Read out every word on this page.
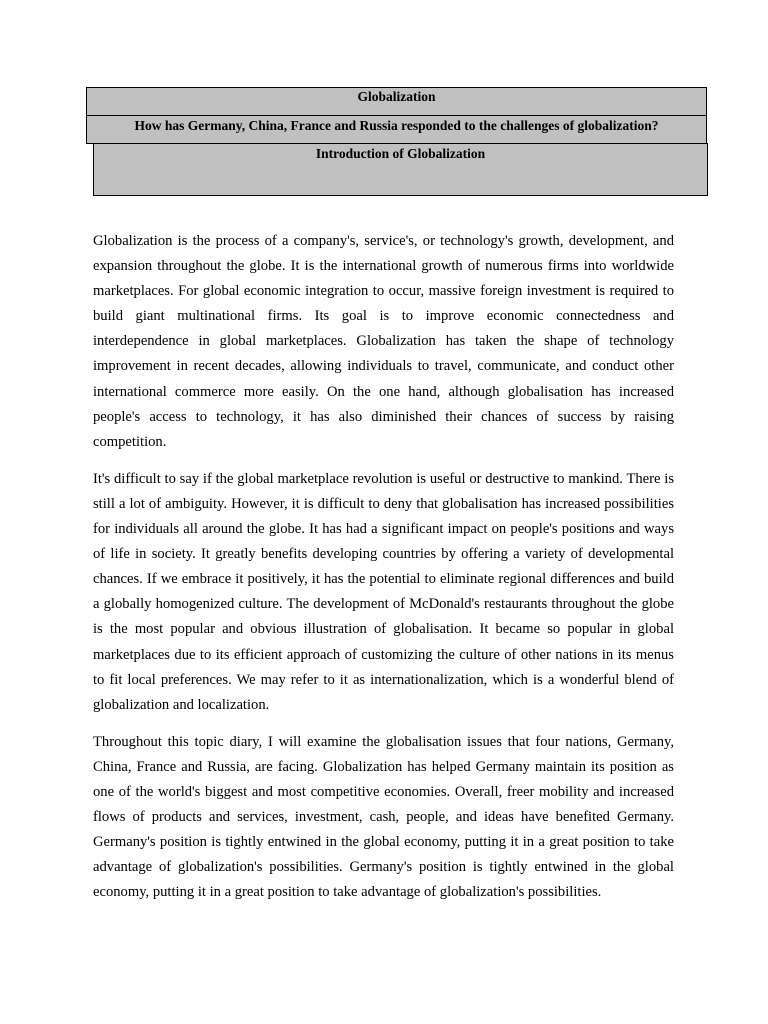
Globalization
How has Germany, China, France and Russia responded to the challenges of globalization?
Introduction of Globalization

Globalization is the process of a company's, service's, or technology's growth, development, and expansion throughout the globe. It is the international growth of numerous firms into worldwide marketplaces. For global economic integration to occur, massive foreign investment is required to build giant multinational firms. Its goal is to improve economic connectedness and interdependence in global marketplaces. Globalization has taken the shape of technology improvement in recent decades, allowing individuals to travel, communicate, and conduct other international commerce more easily. On the one hand, although globalisation has increased people's access to technology, it has also diminished their chances of success by raising competition.

It's difficult to say if the global marketplace revolution is useful or destructive to mankind. There is still a lot of ambiguity. However, it is difficult to deny that globalisation has increased possibilities for individuals all around the globe. It has had a significant impact on people's positions and ways of life in society. It greatly benefits developing countries by offering a variety of developmental chances. If we embrace it positively, it has the potential to eliminate regional differences and build a globally homogenized culture. The development of McDonald's restaurants throughout the globe is the most popular and obvious illustration of globalisation. It became so popular in global marketplaces due to its efficient approach of customizing the culture of other nations in its menus to fit local preferences. We may refer to it as internationalization, which is a wonderful blend of globalization and localization.

Throughout this topic diary, I will examine the globalisation issues that four nations, Germany, China, France and Russia, are facing. Globalization has helped Germany maintain its position as one of the world's biggest and most competitive economies. Overall, freer mobility and increased flows of products and services, investment, cash, people, and ideas have benefited Germany. Germany's position is tightly entwined in the global economy, putting it in a great position to take advantage of globalization's possibilities. Germany's position is tightly entwined in the global economy, putting it in a great position to take advantage of globalization's possibilities.
